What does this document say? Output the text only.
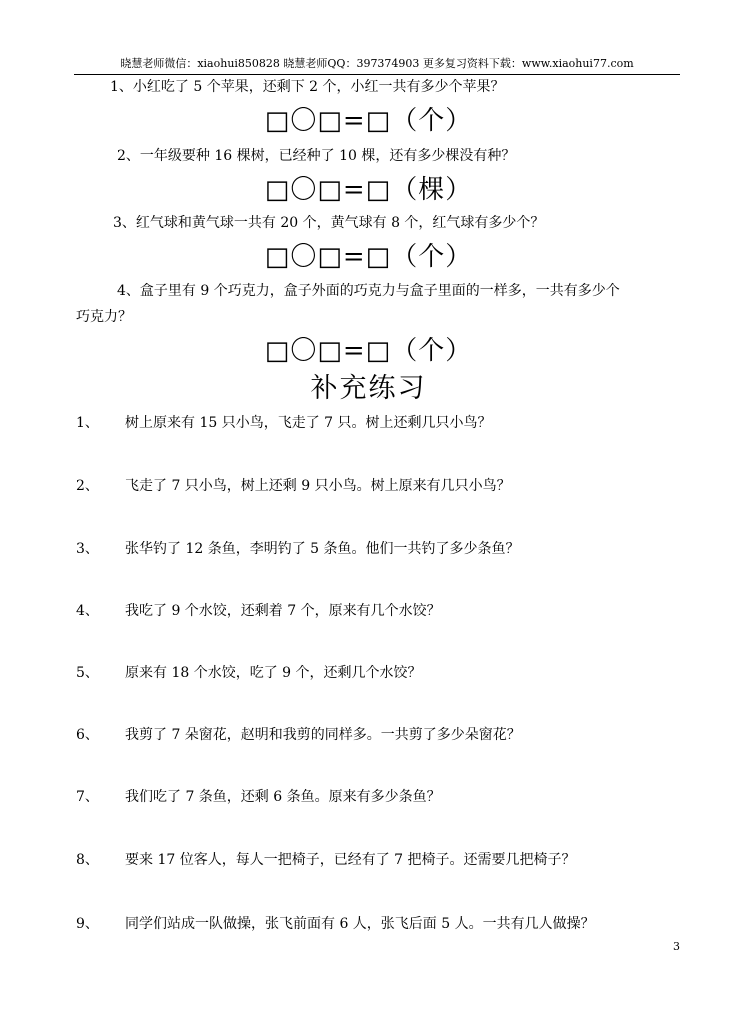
晓慧老师微信：xiaohui850828 晓慧老师QQ：397374903 更多复习资料下载：www.xiaohui77.com
1、小红吃了 5 个苹果，还剩下 2 个，小红一共有多少个苹果？
□〇□=□（个）
2、一年级要种 16 棵树，已经种了 10 棵，还有多少棵没有种？
□〇□=□（棵）
3、红气球和黄气球一共有 20 个，黄气球有 8 个，红气球有多少个？
□〇□=□（个）
4、盒子里有 9 个巧克力，盒子外面的巧克力与盒子里面的一样多，一共有多少个
巧克力？
□〇□=□（个）
补充练习
1、 树上原来有 15 只小鸟，飞走了 7 只。树上还剩几只小鸟？
2、 飞走了 7 只小鸟，树上还剩 9 只小鸟。树上原来有几只小鸟？
3、 张华钓了 12 条鱼，李明钓了 5 条鱼。他们一共钓了多少条鱼？
4、 我吃了 9 个水饺，还剩着 7 个，原来有几个水饺？
5、 原来有 18 个水饺，吃了 9 个，还剩几个水饺？
6、 我剪了 7 朵窗花，赵明和我剪的同样多。一共剪了多少朵窗花？
7、 我们吃了 7 条鱼，还剩 6 条鱼。原来有多少条鱼？
8、 要来 17 位客人，每人一把椅子，已经有了 7 把椅子。还需要几把椅子？
9、 同学们站成一队做操，张飞前面有 6 人，张飞后面 5 人。一共有几人做操？
3
